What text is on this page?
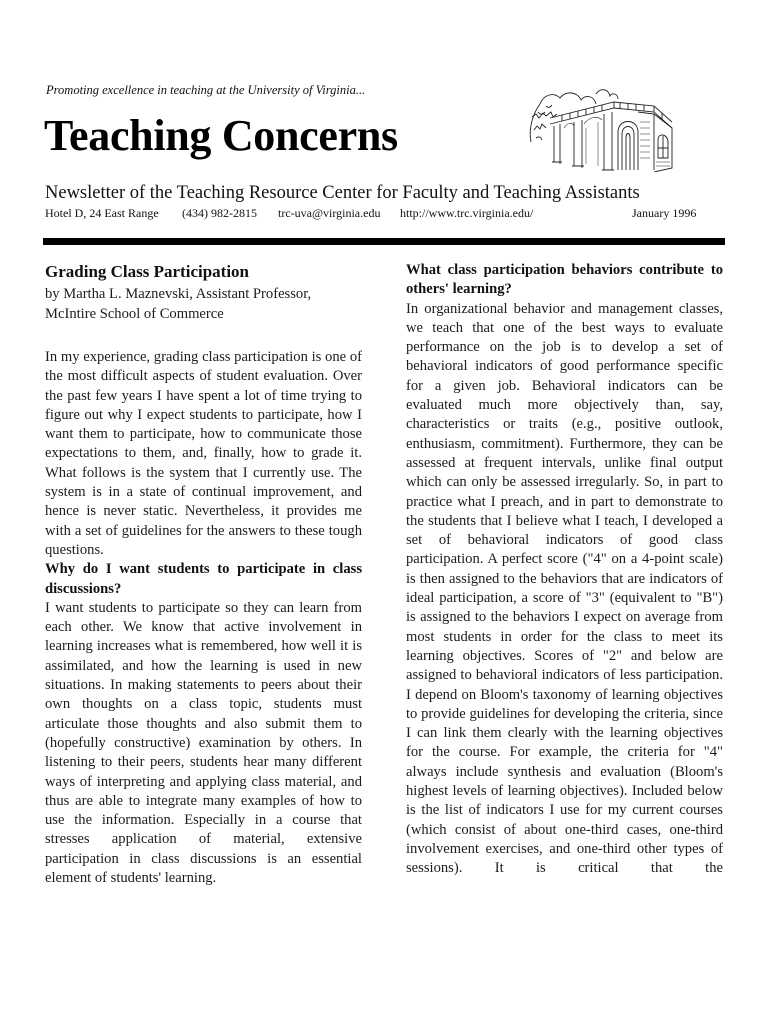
Promoting excellence in teaching at the University of Virginia...
Teaching Concerns
Newsletter of the Teaching Resource Center for Faculty and Teaching Assistants
Hotel D, 24 East Range (434) 982-2815 trc-uva@virginia.edu http://www.trc.virginia.edu/	January 1996
Grading Class Participation

by Martha L. Maznevski, Assistant Professor,

McIntire School of Commerce

In my experience, grading class participation is one of the most difficult aspects of student evaluation. Over the past few years I have spent a lot of time trying to figure out why I expect students to participate, how I want them to participate, how to communicate those expectations to them, and, finally, how to grade it. What follows is the system that I currently use. The system is in a state of continual improvement, and hence is never static. Nevertheless, it provides me with a set of guidelines for the answers to these tough questions.

Why do I want students to participate in class discussions?

I want students to participate so they can learn from each other. We know that active involvement in learning increases what is remembered, how well it is assimilated, and how the learning is used in new situations. In making statements to peers about their own thoughts on a class topic, students must articulate those thoughts and also submit them to (hopefully constructive) examination by others. In listening to their peers, students hear many different ways of interpreting and applying class material, and thus are able to integrate many examples of how to use the information. Especially in a course that stresses application of material, extensive participation in class discussions is an essential element of students' learning.

What class participation behaviors contribute to others' learning?

In organizational behavior and management classes, we teach that one of the best ways to evaluate performance on the job is to develop a set of behavioral indicators of good performance specific for a given job. Behavioral indicators can be evaluated much more objectively than, say, characteristics or traits (e.g., positive outlook, enthusiasm, commitment). Furthermore, they can be assessed at frequent intervals, unlike final output which can only be assessed irregularly. So, in part to practice what I preach, and in part to demonstrate to the students that I believe what I teach, I developed a set of behavioral indicators of good class participation. A perfect score ("4" on a 4-point scale) is then assigned to the behaviors that are indicators of ideal participation, a score of "3" (equivalent to "B") is assigned to the behaviors I expect on average from most students in order for the class to meet its learning objectives. Scores of "2" and below are assigned to behavioral indicators of less participation. I depend on Bloom's taxonomy of learning objectives to provide guidelines for developing the criteria, since I can link them clearly with the learning objectives for the course. For example, the criteria for "4" always include synthesis and evaluation (Bloom's highest levels of learning objectives). Included below is the list of indicators I use for my current courses (which consist of about one-third cases, one-third involvement exercises, and one-third other types of sessions). It is critical that the
